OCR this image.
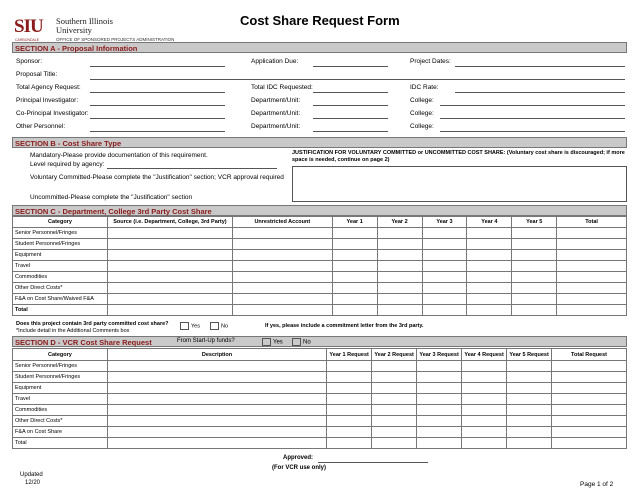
SIU
CARBONDALE
Southern Illinois
University
OFFICE OF SPONSORED PROJECTS ADMINISTRATION
Cost Share Request Form
SECTION A - Proposal Information
Sponsor:	Application Due:	Project Dates:
Proposal Title:
Total Agency Request:	Total IDC Requested:	IDC Rate:
Principal Investigator:	Department/Unit:	College:
Co-Principal Investigator:	Department/Unit:	College:
Other Personnel:	Department/Unit:	College:
SECTION B - Cost Share Type
Mandatory-Please provide documentation of this requirement.
Level required by agency:
Voluntary Committed-Please complete the "Justification" section; VCR approval required
Uncommitted-Please complete the "Justification" section
JUSTIFICATION FOR VOLUNTARY COMMITTED or UNCOMMITTED COST SHARE: (Voluntary cost share is discouraged; if more space is needed, continue on page 2)
SECTION C - Department, College 3rd Party Cost Share
Category	Source (i.e. Department, College, 3rd Party)	Unrestricted Account	Year 1	Year 2	Year 3	Year 4	Year 5	Total
Senior Personnel/Fringes								
Student Personnel/Fringes								
Equipment								
Travel								
Commodities								
Other Direct Costs*								
F&A on Cost Share/Waived F&A								
Total								
Does this project contain 3rd party committed cost share?
*Include detail in the Additional Comments box
Yes	No	If yes, please include a commitment letter from the 3rd party.
SECTION D - VCR Cost Share Request	From Start-Up funds?	Yes	No
Category	Description	Year 1 Request	Year 2 Request	Year 3 Request	Year 4 Request	Year 5 Request	Total Request
Senior Personnel/Fringes							
Student Personnel/Fringes							
Equipment							
Travel							
Commodities							
Other Direct Costs*							
F&A on Cost Share							
Total							
Approved:
(For VCR use only)
Updated
12/20	Page 1 of 2
